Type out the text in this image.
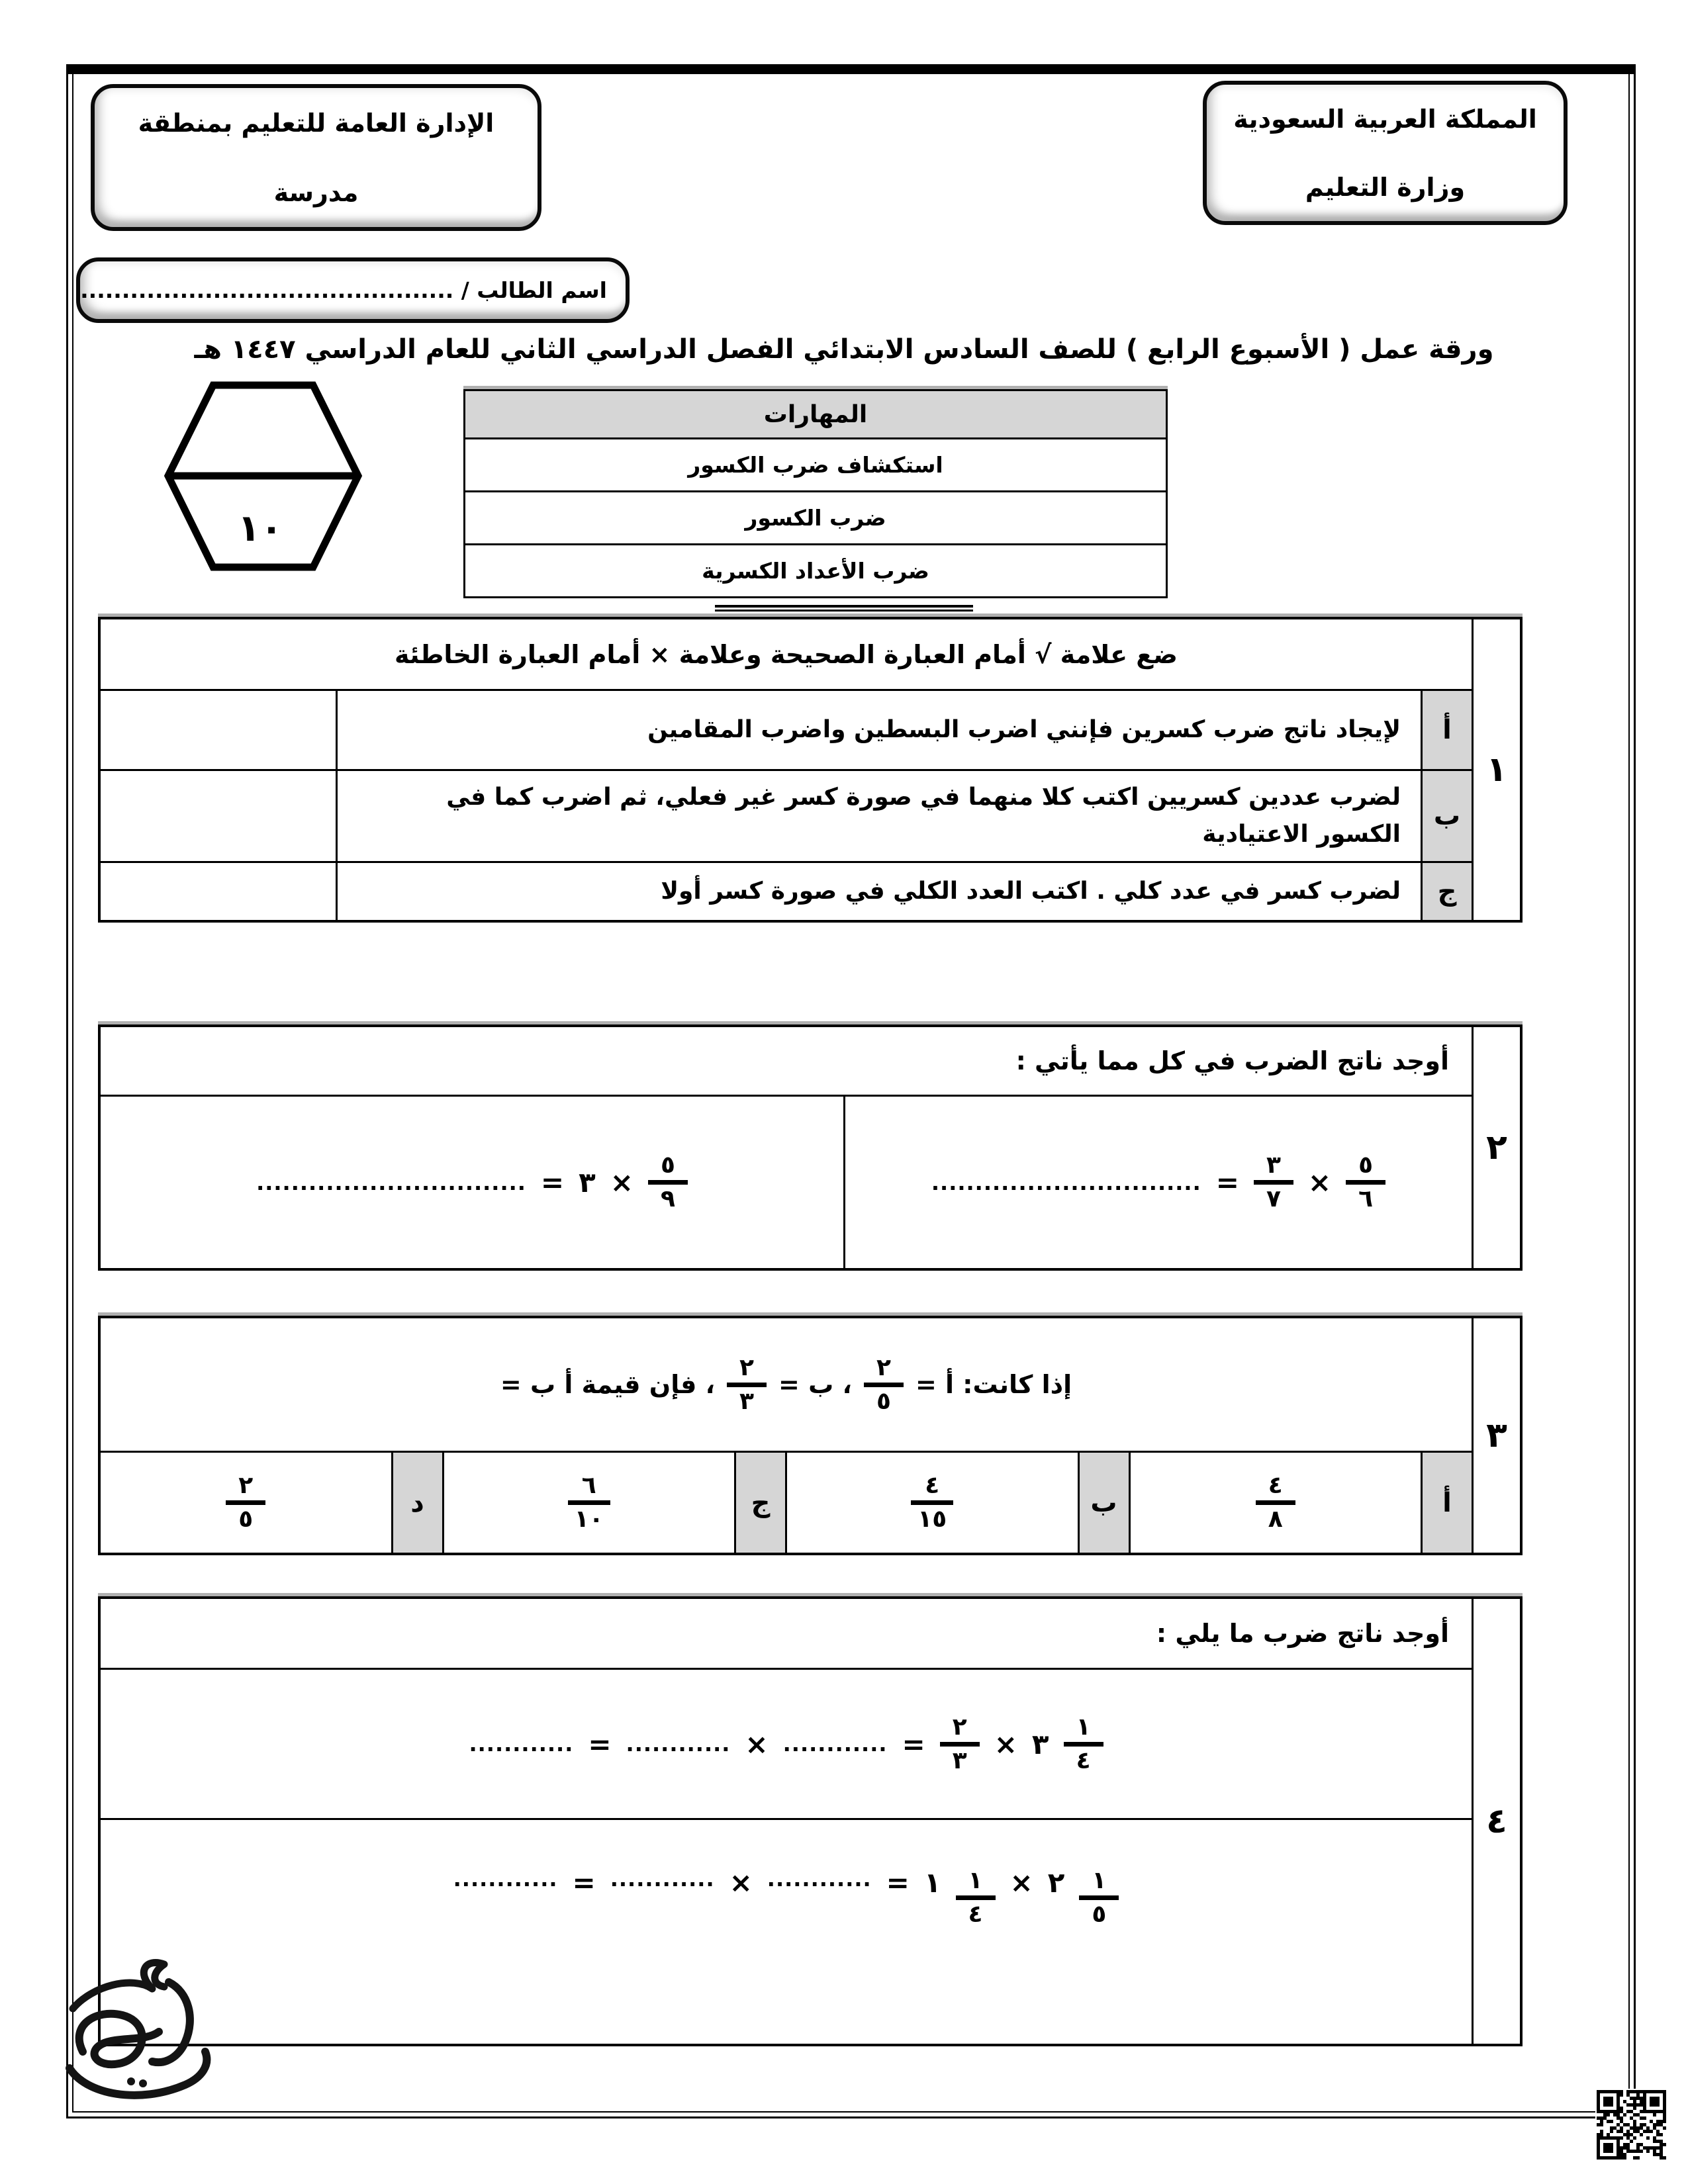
المملكة العربية السعودية
وزارة التعليم
الإدارة العامة للتعليم بمنطقة
مدرسة
اسم الطالب / .............................................
ورقة عمل ( الأسبوع الرابع ) للصف السادس الابتدائي الفصل الدراسي الثاني للعام الدراسي ١٤٤٧ هـ
١٠
المهارات
استكشاف ضرب الكسور
ضرب الكسور
ضرب الأعداد الكسرية
١
ضع علامة √ أمام العبارة الصحيحة وعلامة × أمام العبارة الخاطئة
أ
لإيجاد ناتج ضرب كسرين فإنني اضرب البسطين واضرب المقامين
ب
لضرب عددين كسريين اكتب كلا منهما في صورة كسر غير فعلي، ثم اضرب كما في الكسور الاعتيادية
ج
لضرب كسر في عدد كلي . اكتب العدد الكلي في صورة كسر أولا
٢
أوجد ناتج الضرب في كل مما يأتي :
٥
٦
×
٣
٧
=
...............................
٥
٩
×
٣
=
...............................
٣
إذا كانت: أ =
٢
٥
، ب =
٢
٣
، فإن قيمة أ ب =
أ
٤
٨
ب
٤
١٥
ج
٦
١٠
د
٢
٥
٤
أوجد ناتج ضرب ما يلي :
١
٤
٣
×
٢
٣
=
............
×
............
=
............
١
٥
٢
×
١
٤
١
=
............
×
............
=
............
